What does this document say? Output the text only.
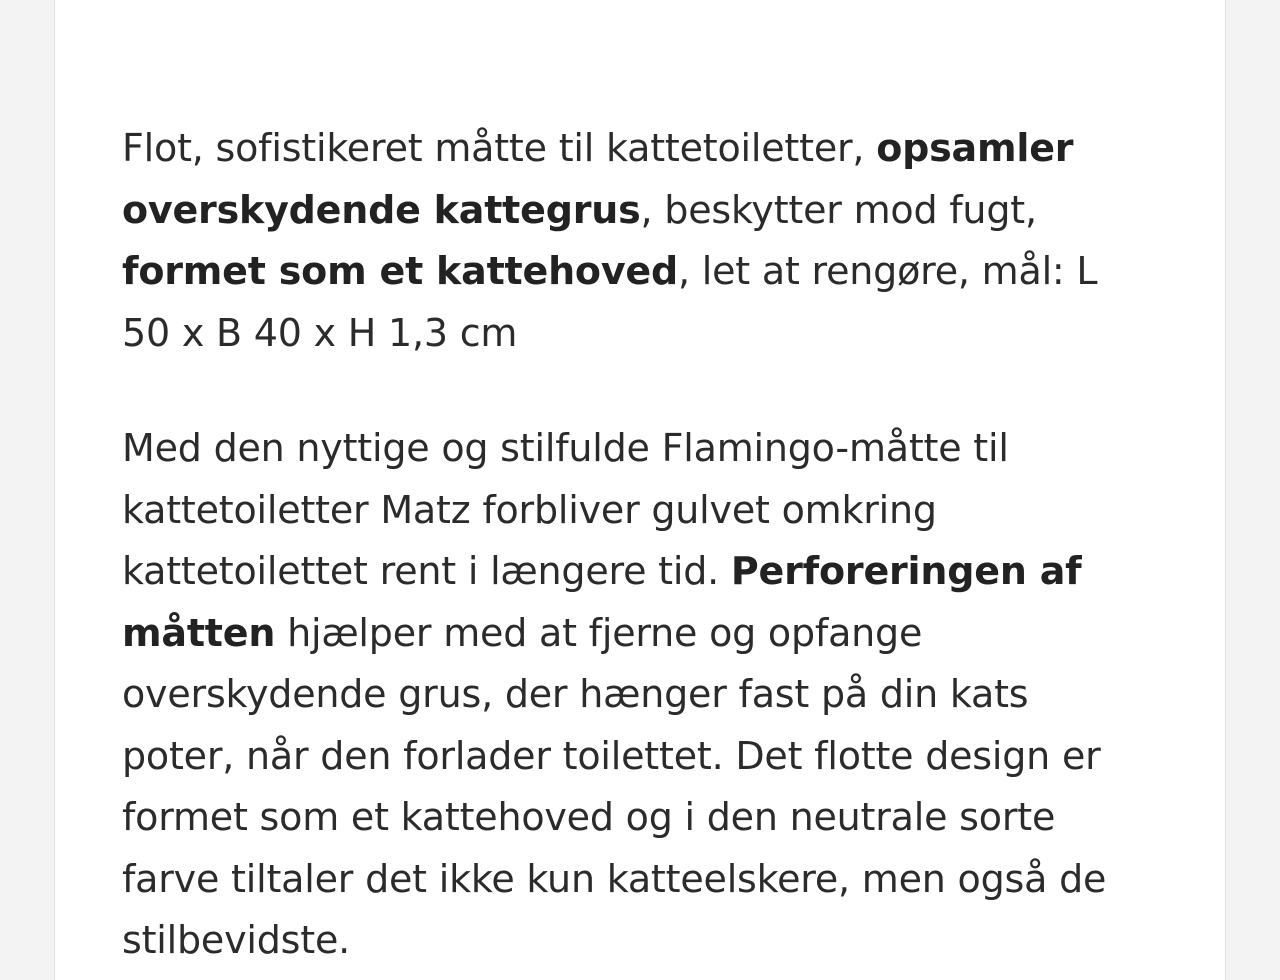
Flot, sofistikeret måtte til kattetoiletter, opsamler overskydende kattegrus, beskytter mod fugt, formet som et kattehoved, let at rengøre, mål: L 50 x B 40 x H 1,3 cm

Med den nyttige og stilfulde Flamingo-måtte til kattetoiletter Matz forbliver gulvet omkring kattetoilettet rent i længere tid. Perforeringen af måtten hjælper med at fjerne og opfange overskydende grus, der hænger fast på din kats poter, når den forlader toilettet. Det flotte design er formet som et kattehoved og i den neutrale sorte farve tiltaler det ikke kun katteelskere, men også de stilbevidste.
